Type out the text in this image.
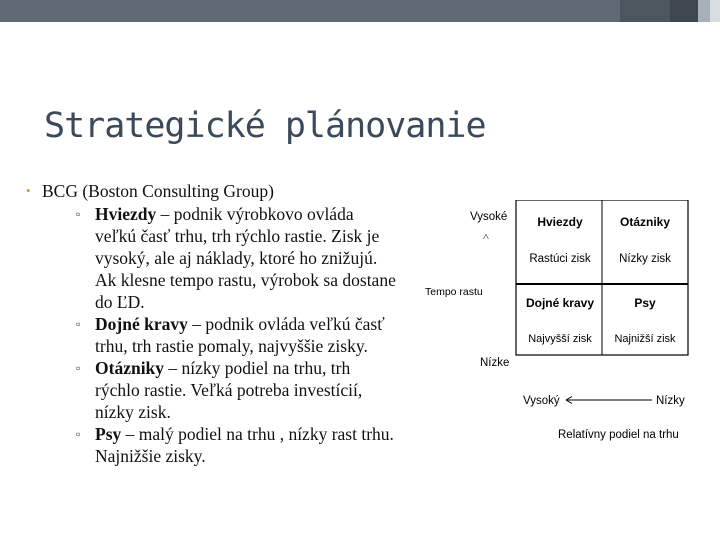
Strategické plánovanie
• BCG (Boston Consulting Group)
▫ Hviezdy – podnik výrobkovo ovláda
veľkú časť trhu, trh rýchlo rastie. Zisk je
vysoký, ale aj náklady, ktoré ho znižujú.
Ak klesne tempo rastu, výrobok sa dostane
do ĽD.
▫ Dojné kravy – podnik ovláda veľkú časť
trhu, trh rastie pomaly, najvyššie zisky.
▫ Otázniky – nízky podiel na trhu, trh
rýchlo rastie. Veľká potreba investícií,
nízky zisk.
▫ Psy – malý podiel na trhu , nízky rast trhu.
Najnižšie zisky.
Hviezdy
Rastúci zisk
Otázniky
Nízky zisk
Dojné kravy
Najvyšší zisk
Psy
Najnižší zisk
Vysoké
˄
Tempo rastu
Nízke
Vysoký	Nízky
Relatívny podiel na trhu
